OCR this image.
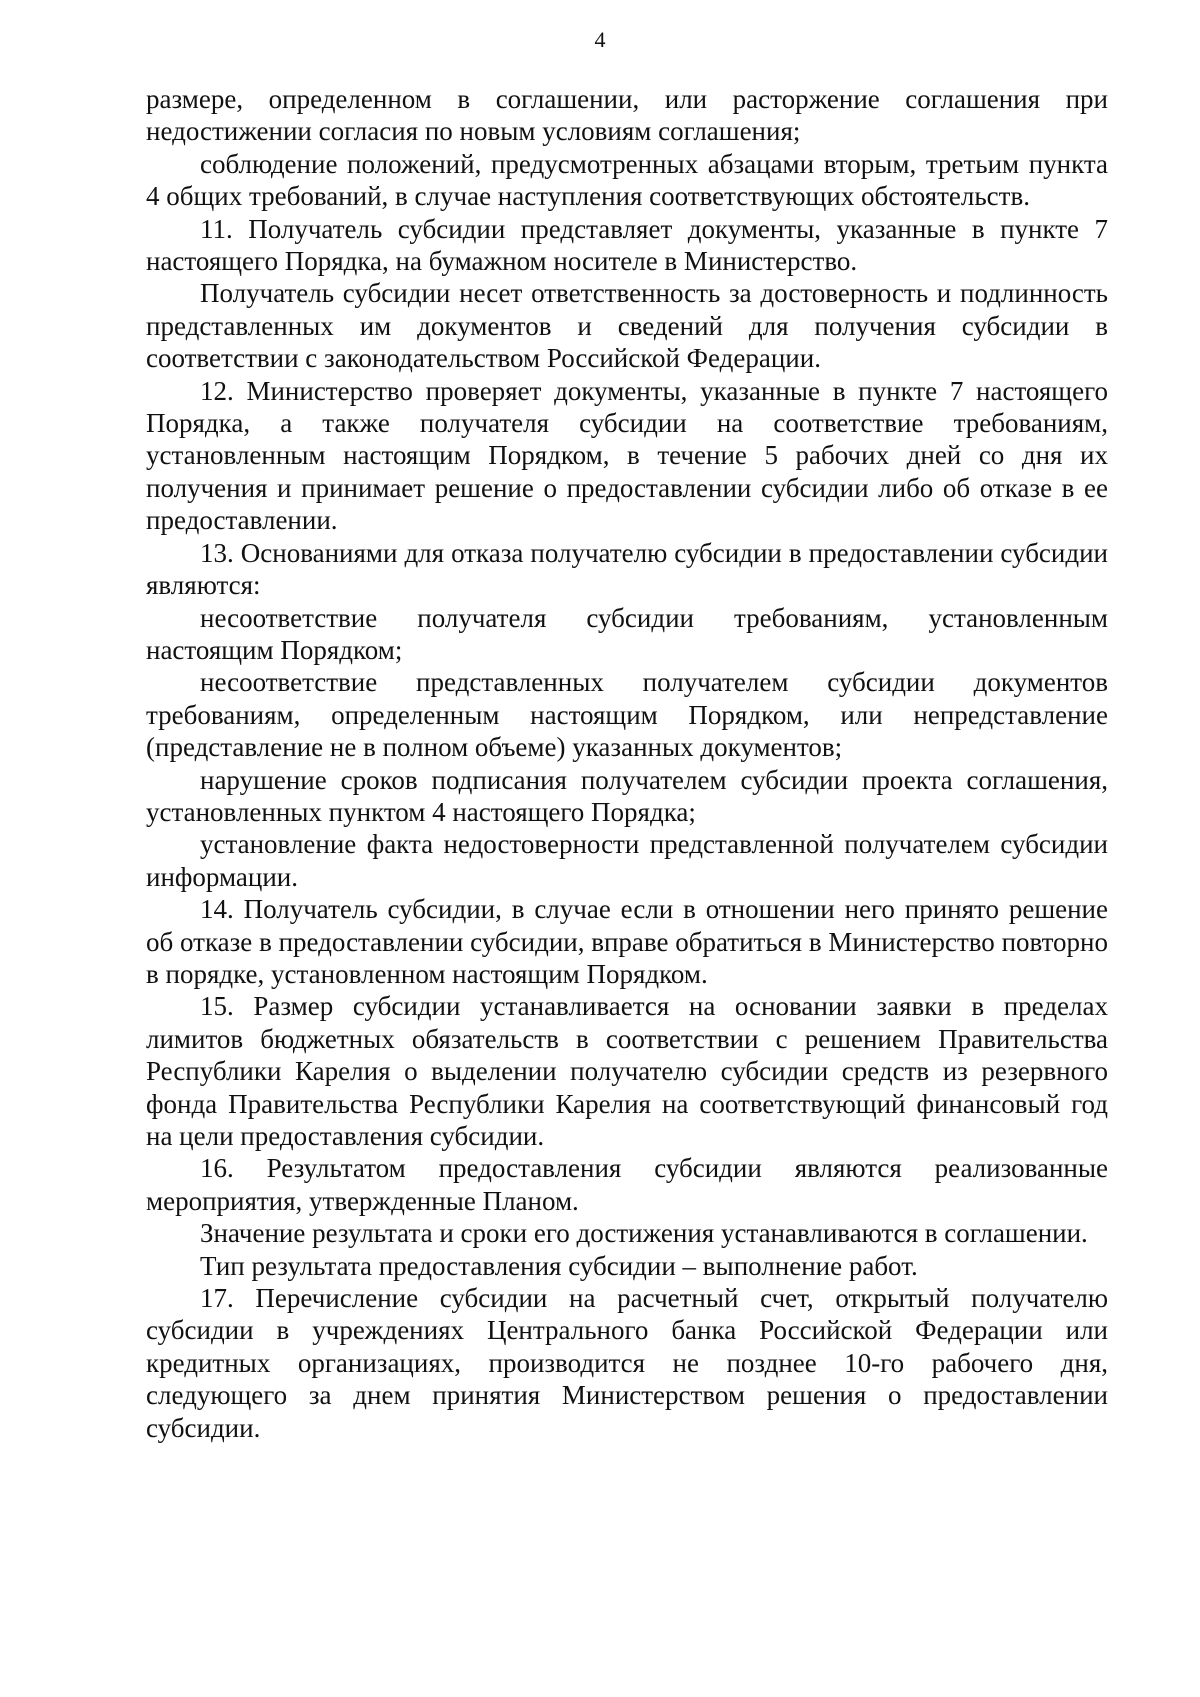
4

размере, определенном в соглашении, или расторжение соглашения при недостижении согласия по новым условиям соглашения;

соблюдение положений, предусмотренных абзацами вторым, третьим пункта 4 общих требований, в случае наступления соответствующих обстоятельств.

11. Получатель субсидии представляет документы, указанные в пункте 7 настоящего Порядка, на бумажном носителе в Министерство.

Получатель субсидии несет ответственность за достоверность и подлинность представленных им документов и сведений для получения субсидии в соответствии с законодательством Российской Федерации.

12. Министерство проверяет документы, указанные в пункте 7 настоящего Порядка, а также получателя субсидии на соответствие требованиям, установленным настоящим Порядком, в течение 5 рабочих дней со дня их получения и принимает решение о предоставлении субсидии либо об отказе в ее предоставлении.

13. Основаниями для отказа получателю субсидии в предоставлении субсидии являются:

несоответствие получателя субсидии требованиям, установленным настоящим Порядком;

несоответствие представленных получателем субсидии документов требованиям, определенным настоящим Порядком, или непредставление (представление не в полном объеме) указанных документов;

нарушение сроков подписания получателем субсидии проекта соглашения, установленных пунктом 4 настоящего Порядка;

установление факта недостоверности представленной получателем субсидии информации.

14. Получатель субсидии, в случае если в отношении него принято решение об отказе в предоставлении субсидии, вправе обратиться в Министерство повторно в порядке, установленном настоящим Порядком.

15. Размер субсидии устанавливается на основании заявки в пределах лимитов бюджетных обязательств в соответствии с решением Правительства Республики Карелия о выделении получателю субсидии средств из резервного фонда Правительства Республики Карелия на соответствующий финансовый год на цели предоставления субсидии.

16. Результатом предоставления субсидии являются реализованные мероприятия, утвержденные Планом.

Значение результата и сроки его достижения устанавливаются в соглашении.

Тип результата предоставления субсидии – выполнение работ.

17. Перечисление субсидии на расчетный счет, открытый получателю субсидии в учреждениях Центрального банка Российской Федерации или кредитных организациях, производится не позднее 10-го рабочего дня, следующего за днем принятия Министерством решения о предоставлении субсидии.
